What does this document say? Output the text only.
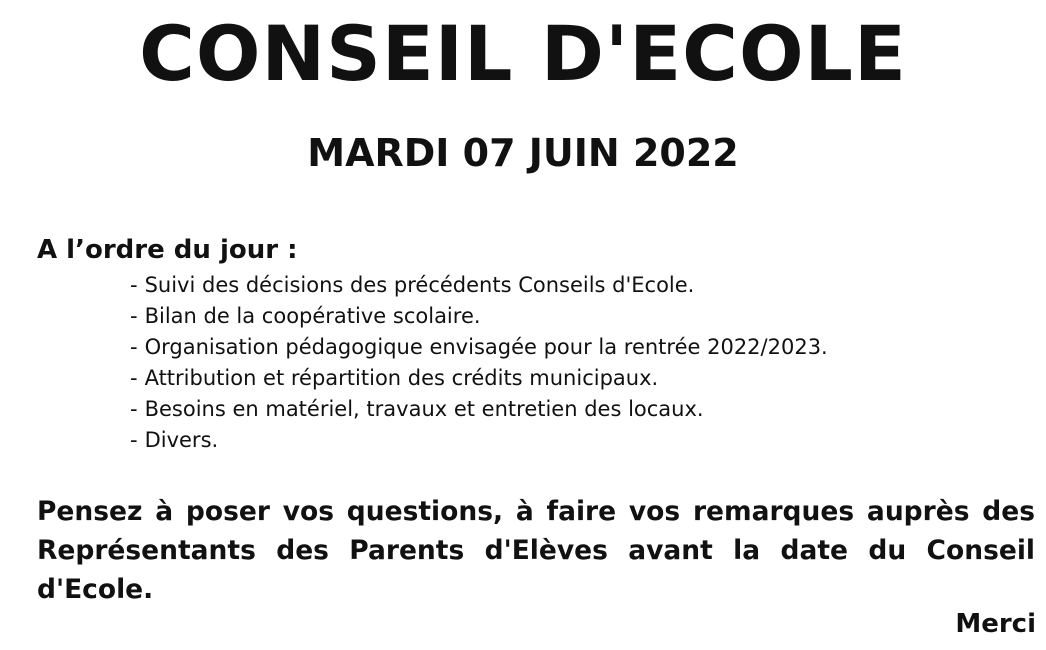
CONSEIL D'ECOLE
MARDI 07 JUIN 2022

A l’ordre du jour :

- Suivi des décisions des précédents Conseils d'Ecole.
- Bilan de la coopérative scolaire.
- Organisation pédagogique envisagée pour la rentrée 2022/2023.
- Attribution et répartition des crédits municipaux.
- Besoins en matériel, travaux et entretien des locaux.
- Divers.

Pensez à poser vos questions, à faire vos remarques auprès des Représentants des Parents d'Elèves avant la date du Conseil d'Ecole.

Merci
